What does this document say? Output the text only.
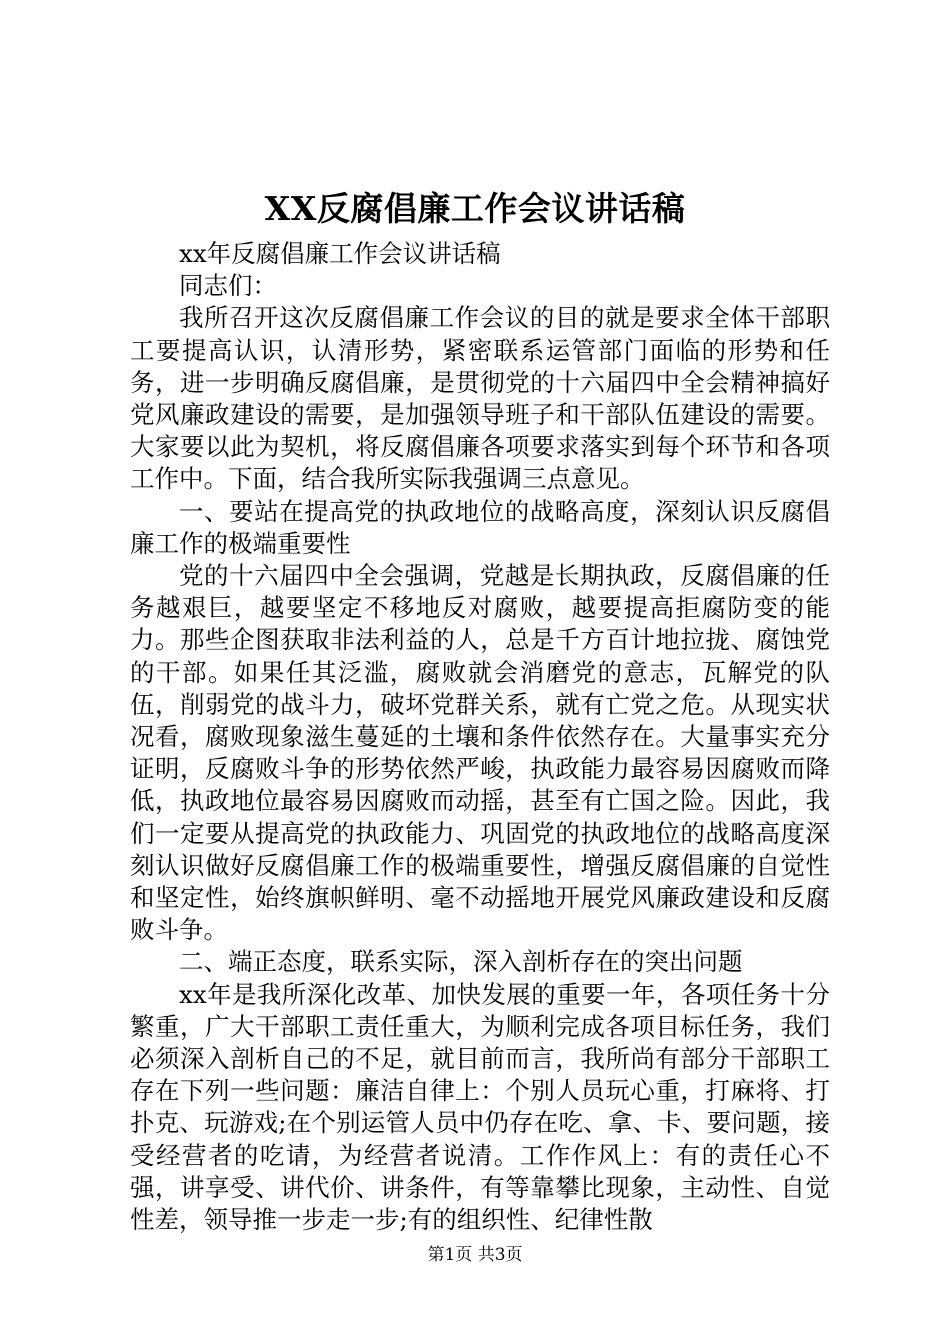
XX反腐倡廉工作会议讲话稿

xx年反腐倡廉工作会议讲话稿

同志们：

我所召开这次反腐倡廉工作会议的目的就是要求全体干部职工要提高认识，认清形势，紧密联系运管部门面临的形势和任务，进一步明确反腐倡廉，是贯彻党的十六届四中全会精神搞好党风廉政建设的需要，是加强领导班子和干部队伍建设的需要。大家要以此为契机，将反腐倡廉各项要求落实到每个环节和各项工作中。下面，结合我所实际我强调三点意见。

一、要站在提高党的执政地位的战略高度，深刻认识反腐倡廉工作的极端重要性

党的十六届四中全会强调，党越是长期执政，反腐倡廉的任务越艰巨，越要坚定不移地反对腐败，越要提高拒腐防变的能力。那些企图获取非法利益的人，总是千方百计地拉拢、腐蚀党的干部。如果任其泛滥，腐败就会消磨党的意志，瓦解党的队伍，削弱党的战斗力，破坏党群关系，就有亡党之危。从现实状况看，腐败现象滋生蔓延的土壤和条件依然存在。大量事实充分证明，反腐败斗争的形势依然严峻，执政能力最容易因腐败而降低，执政地位最容易因腐败而动摇，甚至有亡国之险。因此，我们一定要从提高党的执政能力、巩固党的执政地位的战略高度深刻认识做好反腐倡廉工作的极端重要性，增强反腐倡廉的自觉性和坚定性，始终旗帜鲜明、毫不动摇地开展党风廉政建设和反腐败斗争。

二、端正态度，联系实际，深入剖析存在的突出问题

xx年是我所深化改革、加快发展的重要一年，各项任务十分繁重，广大干部职工责任重大，为顺利完成各项目标任务，我们必须深入剖析自己的不足，就目前而言，我所尚有部分干部职工存在下列一些问题：廉洁自律上：个别人员玩心重，打麻将、打扑克、玩游戏;在个别运管人员中仍存在吃、拿、卡、要问题，接受经营者的吃请，为经营者说清。工作作风上：有的责任心不强，讲享受、讲代价、讲条件，有等靠攀比现象，主动性、自觉性差，领导推一步走一步;有的组织性、纪律性散

第1页 共3页
